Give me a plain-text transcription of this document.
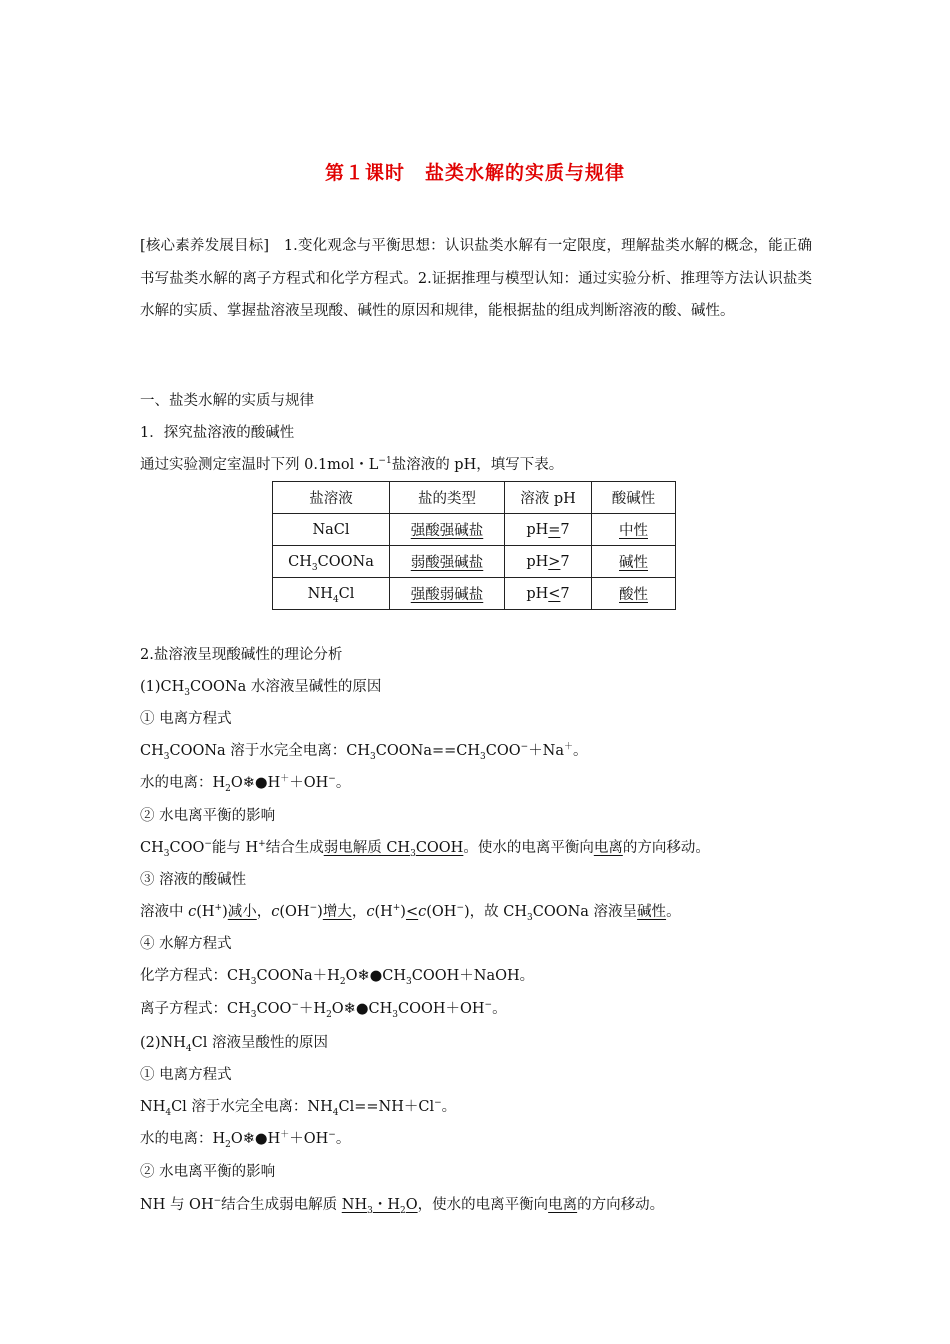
第１课时　盐类水解的实质与规律
[核心素养发展目标]　1.变化观念与平衡思想：认识盐类水解有一定限度，理解盐类水解的概念，能正确书写盐类水解的离子方程式和化学方程式。2.证据推理与模型认知：通过实验分析、推理等方法认识盐类水解的实质、掌握盐溶液呈现酸、碱性的原因和规律，能根据盐的组成判断溶液的酸、碱性。
一、盐类水解的实质与规律
1．探究盐溶液的酸碱性
通过实验测定室温时下列 0.1mol・$L^{-1}$盐溶液的 pH，填写下表。
盐溶液	盐的类型	溶液 pH	酸碱性
NaCl	强酸强碱盐	pH=7	中性
$CH_3COONa$	弱酸强碱盐	pH>7	碱性
$NH_4Cl$	强酸弱碱盐	pH<7	酸性
2.盐溶液呈现酸碱性的理论分析
$(1)CH_3COONa$ 水溶液呈碱性的原因
① 电离方程式
$CH_3COONa$ 溶于水完全电离：$CH_3COONa==CH_3COO^-+Na^+$。
水的电离：$H_2O❄●H^++OH^-$。
② 水电离平衡的影响
$CH_3COO^-$能与 H+结合生成弱电解质 $CH_3COOH$。使水的电离平衡向电离的方向移动。
③ 溶液的酸碱性
溶液中 c(H+)减小，c(OH−)增大，c(H+)<c(OH−)，故 $CH_3COONa$ 溶液呈碱性。
④ 水解方程式
化学方程式：$CH_3COONa+H_2O❄●CH_3COOH+NaOH$。
离子方程式：$CH_3COO^-+H_2O❄●CH_3COOH+OH^-$。
$(2)NH_4Cl$ 溶液呈酸性的原因
① 电离方程式
$NH_4Cl$ 溶于水完全电离：$NH_4Cl==NH+Cl^-$。
水的电离：$H_2O❄●H^++OH^-$。
② 水电离平衡的影响
NH 与 OH−结合生成弱电解质 $NH_3$・$H_2O$，使水的电离平衡向电离的方向移动。
